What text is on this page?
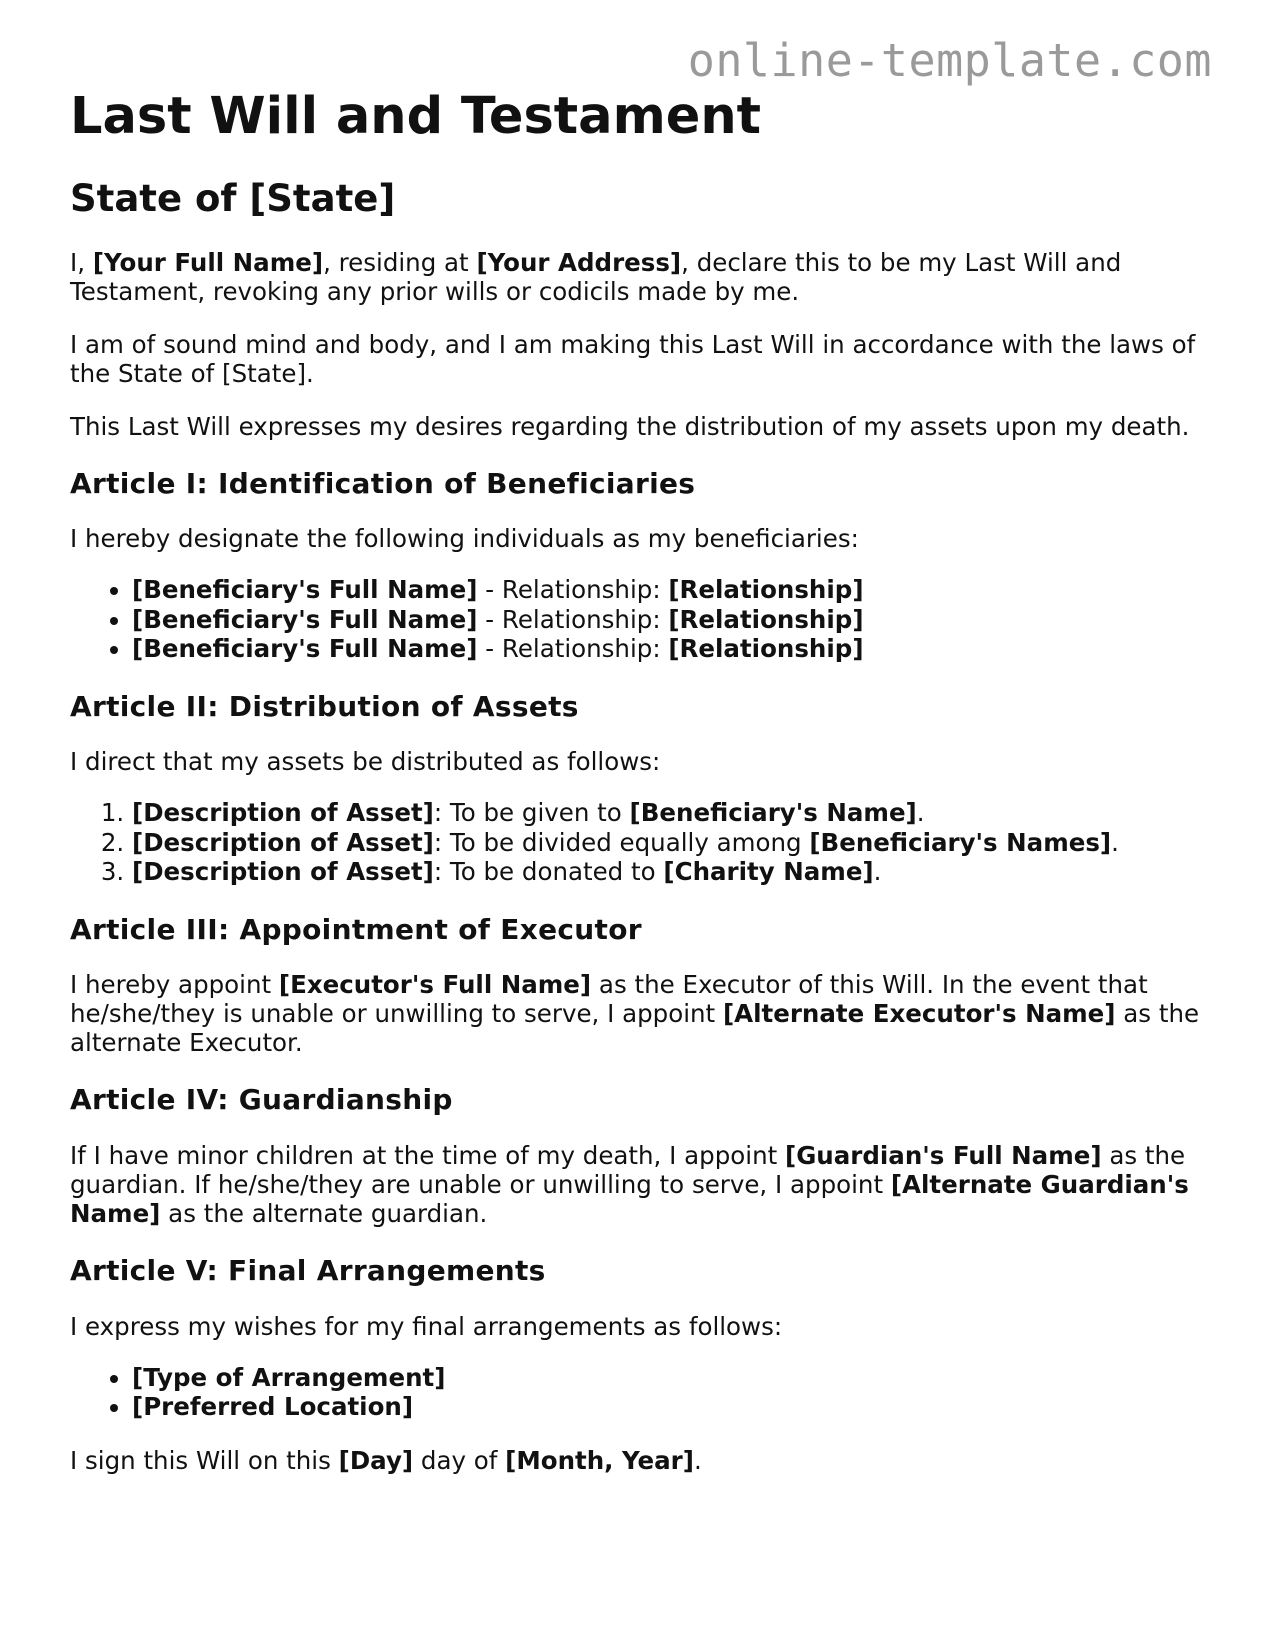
online-template.com
Last Will and Testament
State of [State]

I, [Your Full Name], residing at [Your Address], declare this to be my Last Will and Testament, revoking any prior wills or codicils made by me.

I am of sound mind and body, and I am making this Last Will in accordance with the laws of the State of [State].

This Last Will expresses my desires regarding the distribution of my assets upon my death.

Article I: Identification of Beneficiaries

I hereby designate the following individuals as my beneficiaries:

• [Beneficiary's Full Name] - Relationship: [Relationship]
• [Beneficiary's Full Name] - Relationship: [Relationship]
• [Beneficiary's Full Name] - Relationship: [Relationship]
Article II: Distribution of Assets

I direct that my assets be distributed as follows:

1. [Description of Asset]: To be given to [Beneficiary's Name].
2. [Description of Asset]: To be divided equally among [Beneficiary's Names].
3. [Description of Asset]: To be donated to [Charity Name].
Article III: Appointment of Executor

I hereby appoint [Executor's Full Name] as the Executor of this Will. In the event that he/she/they is unable or unwilling to serve, I appoint [Alternate Executor's Name] as the alternate Executor.

Article IV: Guardianship

If I have minor children at the time of my death, I appoint [Guardian's Full Name] as the guardian. If he/she/they are unable or unwilling to serve, I appoint [Alternate Guardian's Name] as the alternate guardian.

Article V: Final Arrangements

I express my wishes for my final arrangements as follows:

• [Type of Arrangement]
• [Preferred Location]

I sign this Will on this [Day] day of [Month, Year].
